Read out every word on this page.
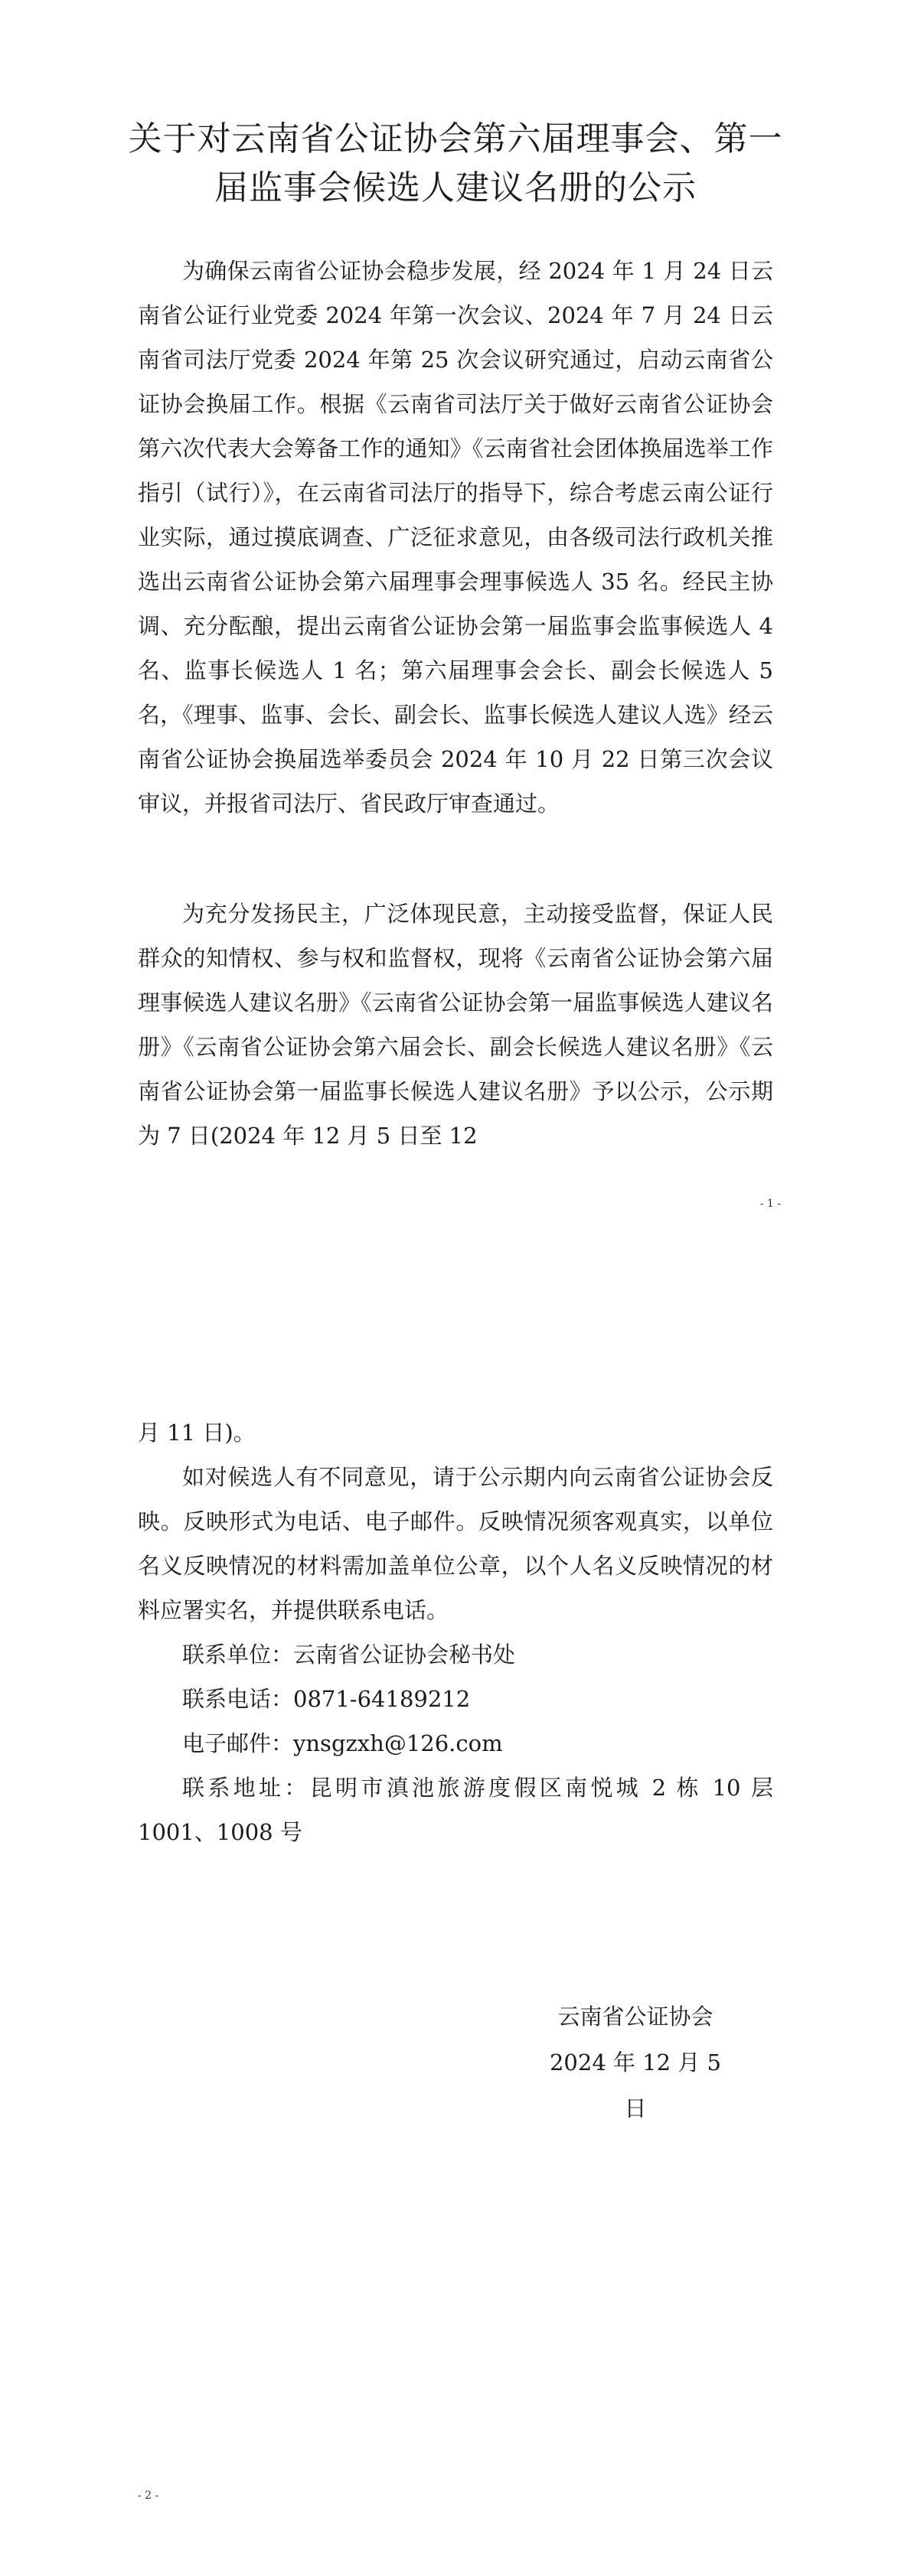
关于对云南省公证协会第六届理事会、第一届监事会候选人建议名册的公示

为确保云南省公证协会稳步发展，经 2024 年 1 月 24 日云南省公证行业党委 2024 年第一次会议、2024 年 7 月 24 日云南省司法厅党委 2024 年第 25 次会议研究通过，启动云南省公证协会换届工作。根据《云南省司法厅关于做好云南省公证协会第六次代表大会筹备工作的通知》《云南省社会团体换届选举工作指引（试行）》，在云南省司法厅的指导下，综合考虑云南公证行业实际，通过摸底调查、广泛征求意见，由各级司法行政机关推选出云南省公证协会第六届理事会理事候选人 35 名。经民主协调、充分酝酿，提出云南省公证协会第一届监事会监事候选人 4 名、监事长候选人 1 名；第六届理事会会长、副会长候选人 5 名，《理事、监事、会长、副会长、监事长候选人建议人选》经云南省公证协会换届选举委员会 2024 年 10 月 22 日第三次会议审议，并报省司法厅、省民政厅审查通过。

为充分发扬民主，广泛体现民意，主动接受监督，保证人民群众的知情权、参与权和监督权，现将《云南省公证协会第六届理事候选人建议名册》《云南省公证协会第一届监事候选人建议名册》《云南省公证协会第六届会长、副会长候选人建议名册》《云南省公证协会第一届监事长候选人建议名册》予以公示，公示期为 7 日(2024 年 12 月 5 日至 12

- 1 -

月 11 日)。

如对候选人有不同意见，请于公示期内向云南省公证协会反映。反映形式为电话、电子邮件。反映情况须客观真实，以单位名义反映情况的材料需加盖单位公章，以个人名义反映情况的材料应署实名，并提供联系电话。

联系单位：云南省公证协会秘书处

联系电话：0871-64189212

电子邮件：ynsgzxh@126.com

联系地址：昆明市滇池旅游度假区南悦城 2 栋 10 层 1001、1008 号

云南省公证协会
2024 年 12 月 5 日
- 2 -
